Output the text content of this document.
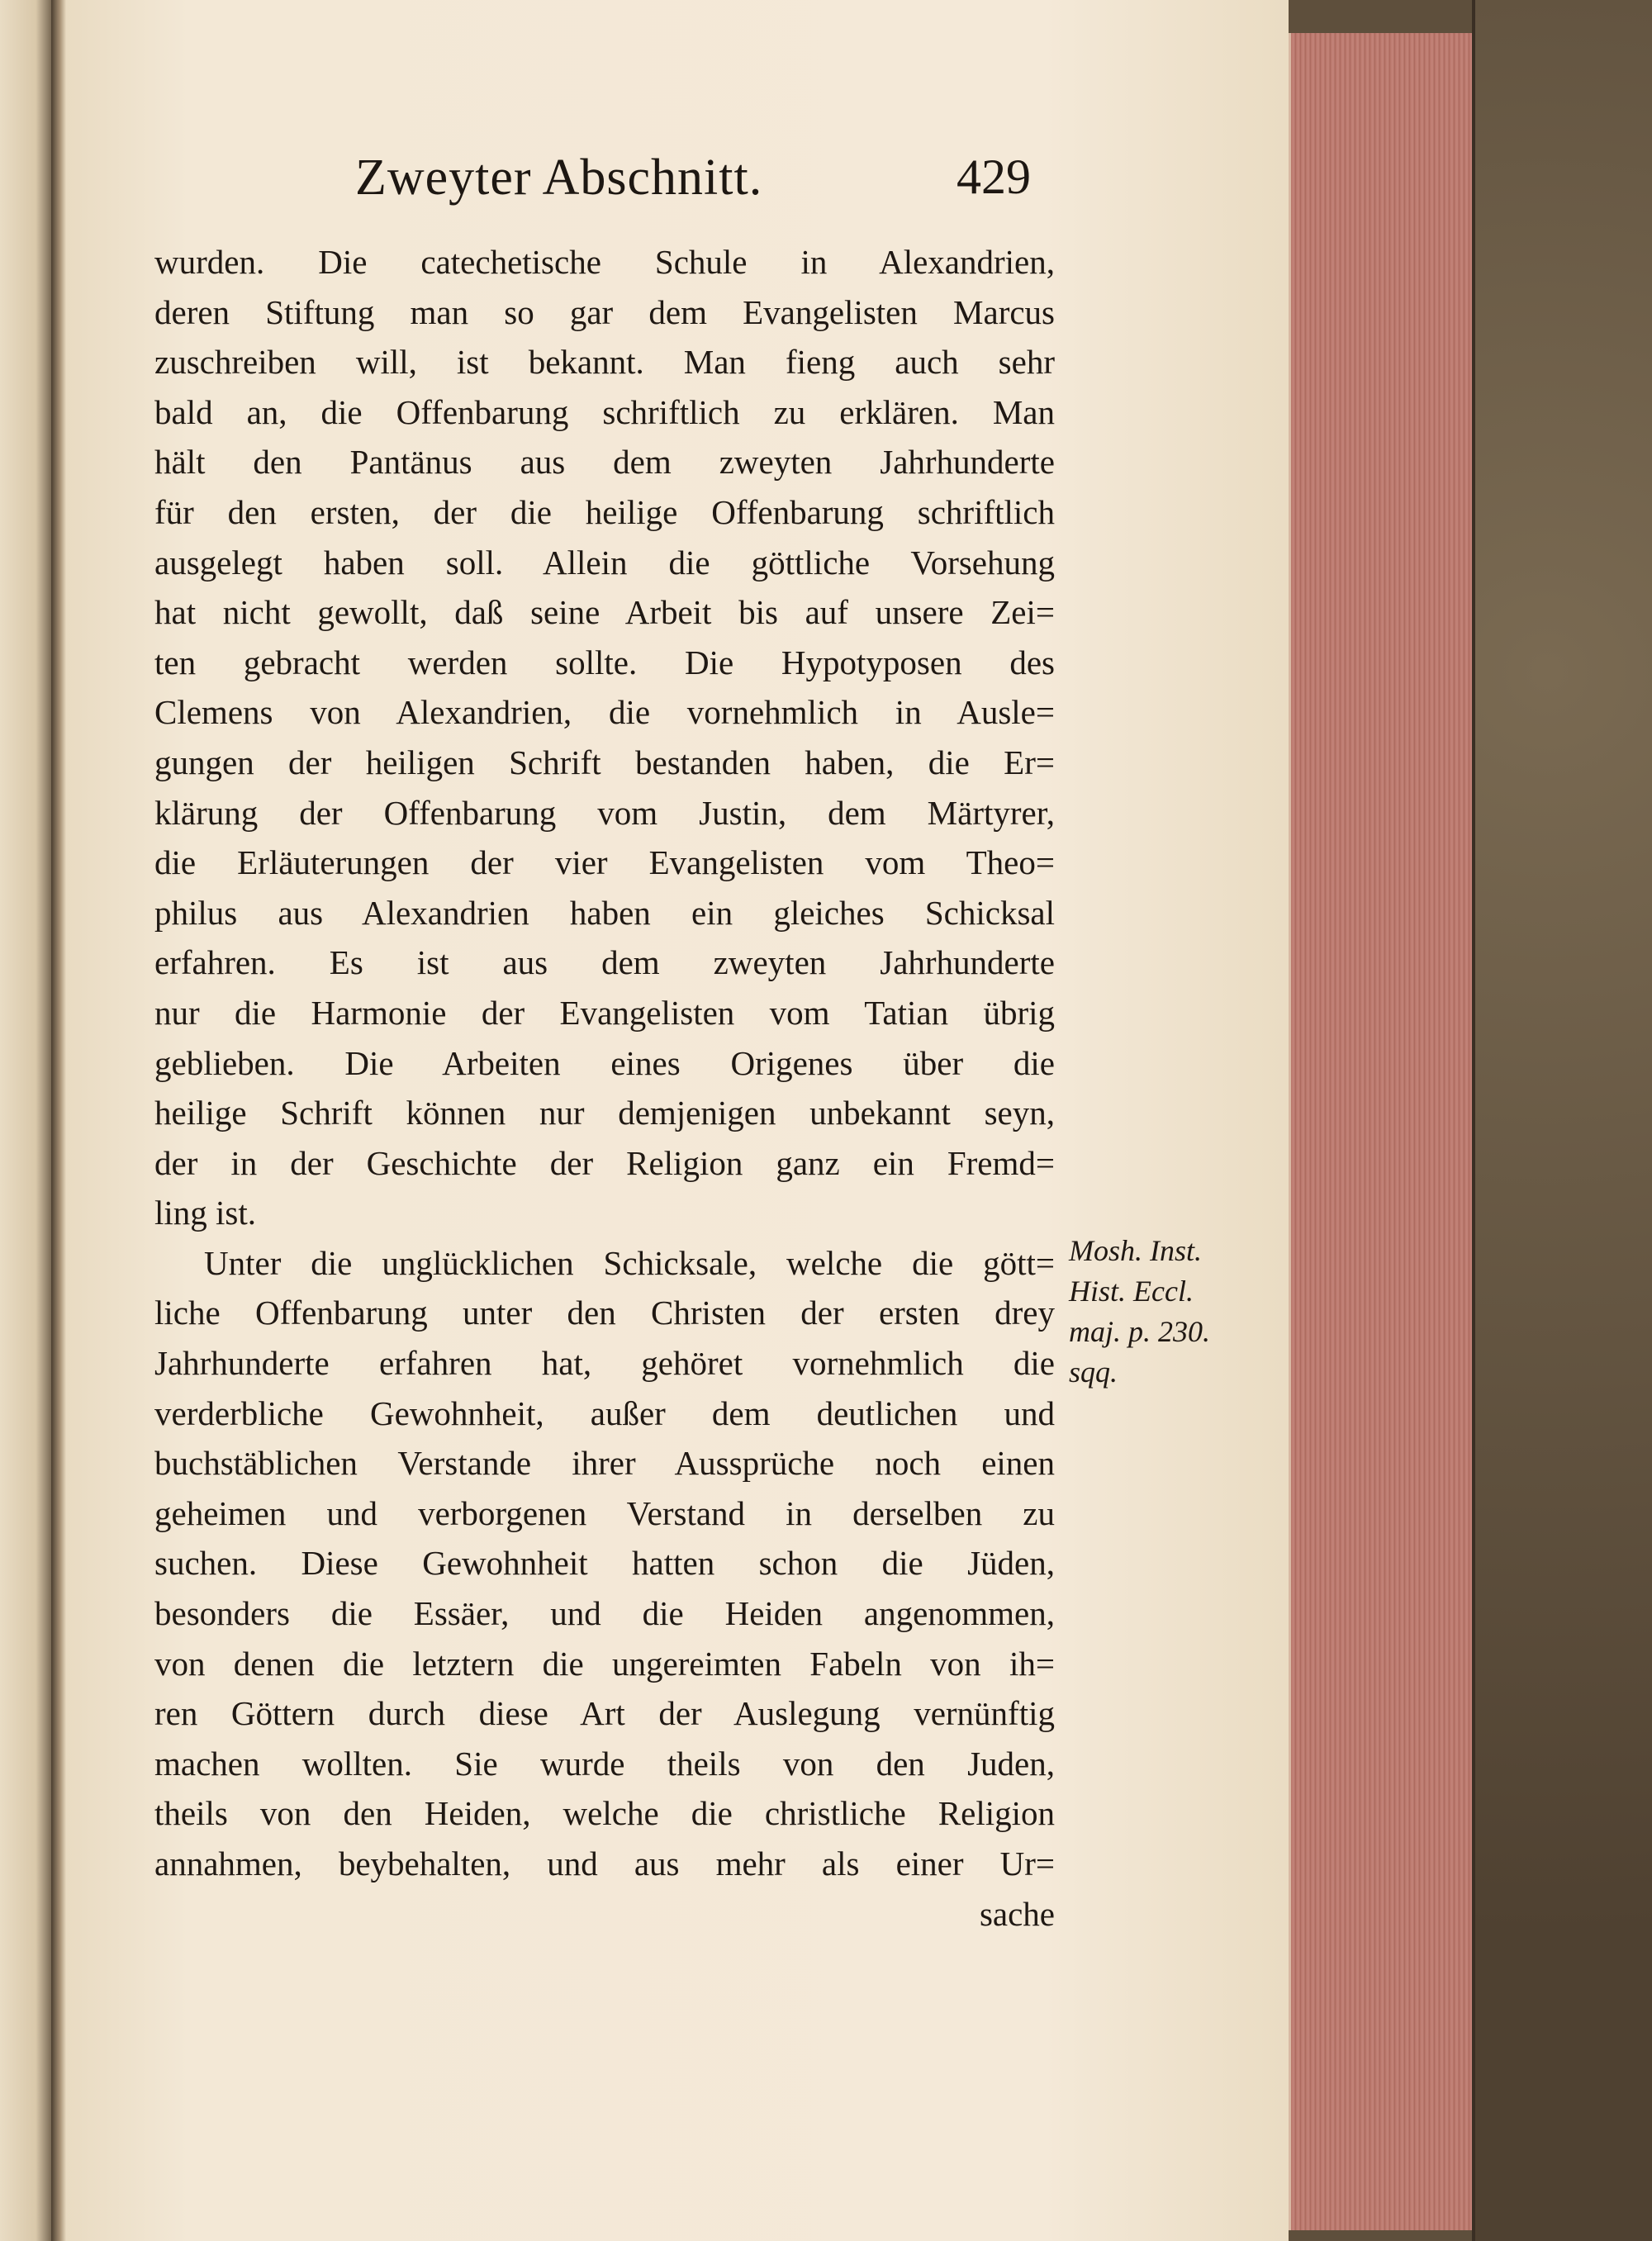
Zweyter Abschnitt.	429
wurden. Die catechetische Schule in Alexandrien,
deren Stiftung man so gar dem Evangelisten Marcus
zuschreiben will, ist bekannt. Man fieng auch sehr
bald an, die Offenbarung schriftlich zu erklären. Man
hält den Pantänus aus dem zweyten Jahrhunderte
für den ersten, der die heilige Offenbarung schriftlich
ausgelegt haben soll. Allein die göttliche Vorsehung
hat nicht gewollt, daß seine Arbeit bis auf unsere Zei=
ten gebracht werden sollte. Die Hypotyposen des
Clemens von Alexandrien, die vornehmlich in Ausle=
gungen der heiligen Schrift bestanden haben, die Er=
klärung der Offenbarung vom Justin, dem Märtyrer,
die Erläuterungen der vier Evangelisten vom Theo=
philus aus Alexandrien haben ein gleiches Schicksal
erfahren. Es ist aus dem zweyten Jahrhunderte
nur die Harmonie der Evangelisten vom Tatian übrig
geblieben. Die Arbeiten eines Origenes über die
heilige Schrift können nur demjenigen unbekannt seyn,
der in der Geschichte der Religion ganz ein Fremd=
ling ist.
Unter die unglücklichen Schicksale, welche die gött=
liche Offenbarung unter den Christen der ersten drey
Jahrhunderte erfahren hat, gehöret vornehmlich die
verderbliche Gewohnheit, außer dem deutlichen und
buchstäblichen Verstande ihrer Aussprüche noch einen
geheimen und verborgenen Verstand in derselben zu
suchen. Diese Gewohnheit hatten schon die Jüden,
besonders die Essäer, und die Heiden angenommen,
von denen die letztern die ungereimten Fabeln von ih=
ren Göttern durch diese Art der Auslegung vernünftig
machen wollten. Sie wurde theils von den Juden,
theils von den Heiden, welche die christliche Religion
annahmen, beybehalten, und aus mehr als einer Ur=
sache
Mosh. Inst.
Hist. Eccl.
maj. p. 230.
sqq.
